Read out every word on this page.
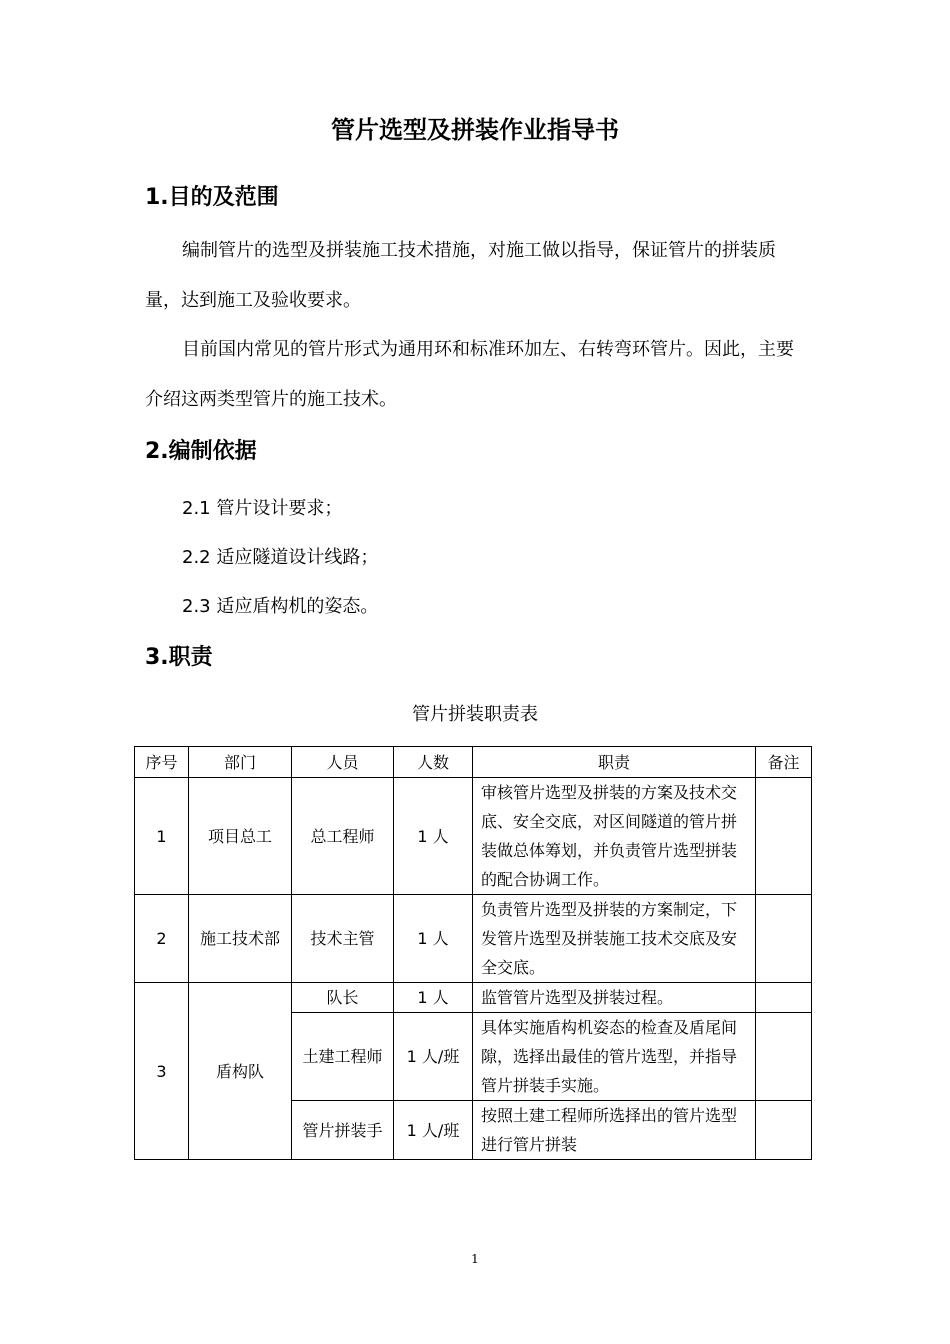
管片选型及拼装作业指导书
1.目的及范围

编制管片的选型及拼装施工技术措施，对施工做以指导，保证管片的拼装质量，达到施工及验收要求。

目前国内常见的管片形式为通用环和标准环加左、右转弯环管片。因此，主要介绍这两类型管片的施工技术。

2.编制依据
2.1 管片设计要求；
2.2 适应隧道设计线路；
2.3 适应盾构机的姿态。
3.职责
管片拼装职责表
序号	部门	人员	人数	职责	备注
1	项目总工	总工程师	1 人	审核管片选型及拼装的方案及技术交底、安全交底，对区间隧道的管片拼装做总体筹划，并负责管片选型拼装的配合协调工作。	
2	施工技术部	技术主管	1 人	负责管片选型及拼装的方案制定，下发管片选型及拼装施工技术交底及安全交底。	
3	盾构队	队长	1 人	监管管片选型及拼装过程。	
		土建工程师	1 人/班	具体实施盾构机姿态的检查及盾尾间隙，选择出最佳的管片选型，并指导管片拼装手实施。	
		管片拼装手	1 人/班	按照土建工程师所选择出的管片选型进行管片拼装	
1
